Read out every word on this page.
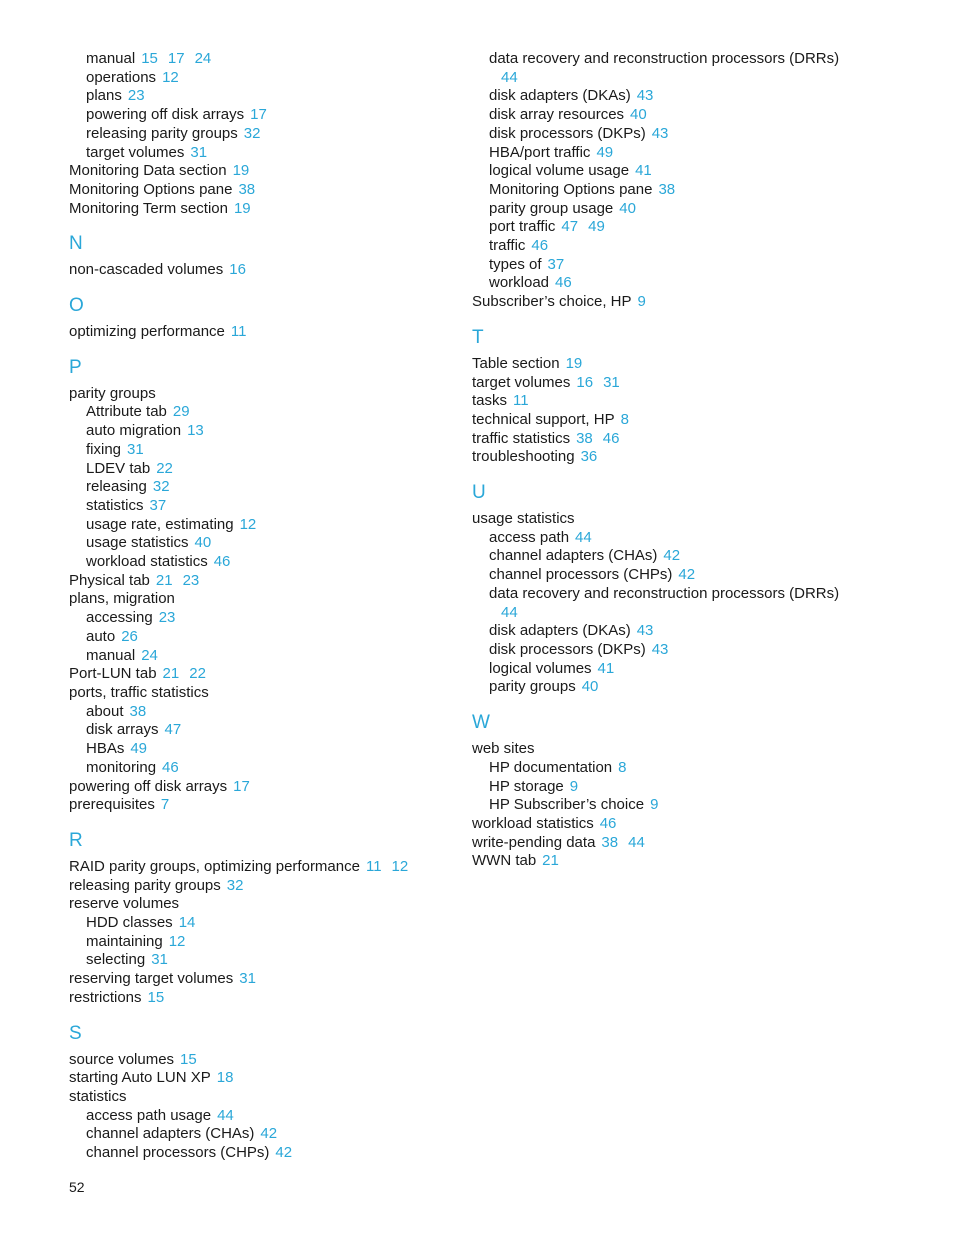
manual 15 17 24
operations 12
plans 23
powering off disk arrays 17
releasing parity groups 32
target volumes 31
Monitoring Data section 19
Monitoring Options pane 38
Monitoring Term section 19
N
non-cascaded volumes 16
O
optimizing performance 11
P
parity groups
Attribute tab 29
auto migration 13
fixing 31
LDEV tab 22
releasing 32
statistics 37
usage rate, estimating 12
usage statistics 40
workload statistics 46
Physical tab 21 23
plans, migration
accessing 23
auto 26
manual 24
Port-LUN tab 21 22
ports, traffic statistics
about 38
disk arrays 47
HBAs 49
monitoring 46
powering off disk arrays 17
prerequisites 7
R
RAID parity groups, optimizing performance 11 12
releasing parity groups 32
reserve volumes
HDD classes 14
maintaining 12
selecting 31
reserving target volumes 31
restrictions 15
S
source volumes 15
starting Auto LUN XP 18
statistics
access path usage 44
channel adapters (CHAs) 42
channel processors (CHPs) 42
data recovery and reconstruction processors (DRRs)
44
disk adapters (DKAs) 43
disk array resources 40
disk processors (DKPs) 43
HBA/port traffic 49
logical volume usage 41
Monitoring Options pane 38
parity group usage 40
port traffic 47 49
traffic 46
types of 37
workload 46
Subscriber’s choice, HP 9
T
Table section 19
target volumes 16 31
tasks 11
technical support, HP 8
traffic statistics 38 46
troubleshooting 36
U
usage statistics
access path 44
channel adapters (CHAs) 42
channel processors (CHPs) 42
data recovery and reconstruction processors (DRRs)
44
disk adapters (DKAs) 43
disk processors (DKPs) 43
logical volumes 41
parity groups 40
W
web sites
HP documentation 8
HP storage 9
HP Subscriber’s choice 9
workload statistics 46
write-pending data 38 44
WWN tab 21
52
